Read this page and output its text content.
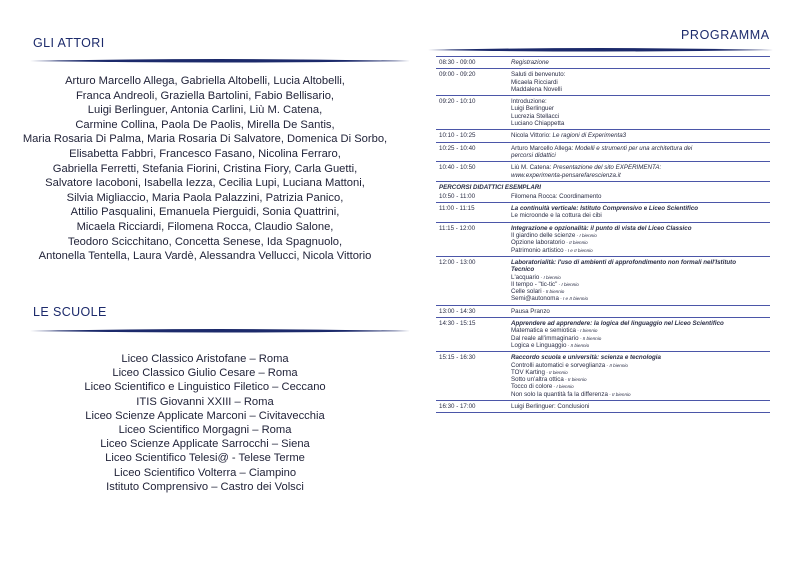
GLI ATTORI
Arturo Marcello Allega, Gabriella Altobelli, Lucia Altobelli,
Franca Andreoli, Graziella Bartolini, Fabio Bellisario,
Luigi Berlinguer, Antonia Carlini, Liù M. Catena,
Carmine Collina, Paola De Paolis, Mirella De Santis,
Maria Rosaria Di Palma, Maria Rosaria Di Salvatore, Domenica Di Sorbo,
Elisabetta Fabbri, Francesco Fasano, Nicolina Ferraro,
Gabriella Ferretti, Stefania Fiorini, Cristina Fiory, Carla Guetti,
Salvatore Iacoboni, Isabella Iezza, Cecilia Lupi, Luciana Mattoni,
Silvia Migliaccio, Maria Paola Palazzini, Patrizia Panico,
Attilio Pasqualini, Emanuela Pierguidi, Sonia Quattrini,
Micaela Ricciardi, Filomena Rocca, Claudio Salone,
Teodoro Scicchitano, Concetta Senese, Ida Spagnuolo,
Antonella Tentella, Laura Vardè, Alessandra Vellucci, Nicola Vittorio
LE SCUOLE
Liceo Classico Aristofane – Roma
Liceo Classico Giulio Cesare – Roma
Liceo Scientifico e Linguistico Filetico – Ceccano
ITIS Giovanni XXIII – Roma
Liceo Scienze Applicate Marconi – Civitavecchia
Liceo Scientifico Morgagni – Roma
Liceo Scienze Applicate Sarrocchi – Siena
Liceo Scientifico Telesi@ - Telese Terme
Liceo Scientifico Volterra – Ciampino
Istituto Comprensivo – Castro dei Volsci
PROGRAMMA
08:30 - 09:00	Registrazione
09:00 - 09:20	Saluti di benvenuto:
Micaela Ricciardi
Maddalena Novelli
09:20 - 10:10	Introduzione:
Luigi Berlinguer
Lucrezia Stellacci
Luciano Chiappetta
10:10 - 10:25	Nicola Vittorio: Le ragioni di Experimenta3
10:25 - 10:40	Arturo Marcello Allega: Modelli e strumenti per una architettura dei
percorsi didattici
10:40 - 10:50	Liù M. Catena: Presentazione del sito EXPERIMENTA:
www.experimenta-pensarefarescienza.it
PERCORSI DIDATTICI ESEMPLARI
10:50 - 11:00	Filomena Rocca: Coordinamento
11:00 - 11:15	La continuità verticale: Istituto Comprensivo e Liceo Scientifico
Le microonde e la cottura dei cibi
11:15 - 12:00	Integrazione e opzionalità: il punto di vista del Liceo Classico
Il giardino delle scienze - I biennio
Opzione laboratorio - II biennio
Patrimonio artistico - I e II biennio
12:00 - 13:00	Laboratorialità: l'uso di ambienti di approfondimento non formali nell'Istituto
Tecnico
L'acquario - I biennio
Il tempo - "tic-tic" - I biennio
Celle solari - II biennio
Semi@autonoma - I e II biennio
13:00 - 14:30	Pausa Pranzo
14:30 - 15:15	Apprendere ad apprendere: la logica del linguaggio nel Liceo Scientifico
Matematica e semiotica - I biennio
Dal reale all'immaginario - II biennio
Logica e Linguaggio - II biennio
15:15 - 16:30	Raccordo scuola e università: scienza e tecnologia
Controlli automatici e sorveglianza - II biennio
TOV Karting - II biennio
Sotto un'altra ottica - II biennio
Tocco di colore - I biennio
Non solo la quantità fa la differenza - II biennio
16:30 - 17:00	Luigi Berlinguer: Conclusioni
